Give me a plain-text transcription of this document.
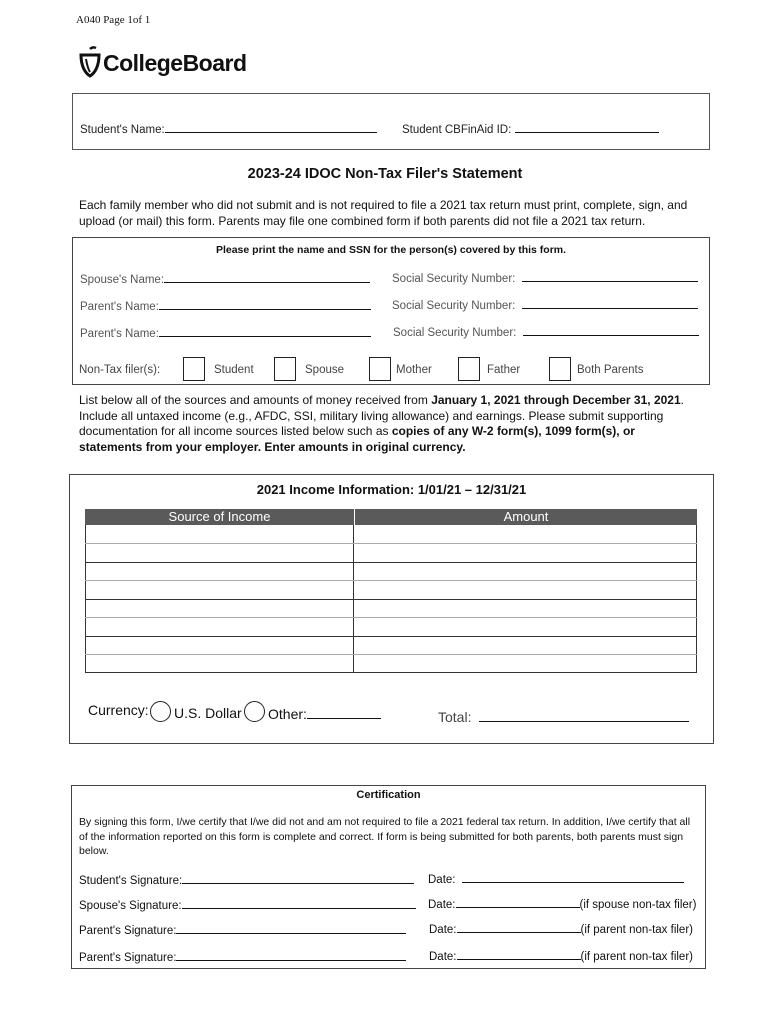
A040 Page 1of 1
CollegeBoard
Student's Name:	Student CBFinAid ID:
2023-24 IDOC Non-Tax Filer's Statement
Each family member who did not submit and is not required to file a 2021 tax return must print, complete, sign, and upload (or mail) this form. Parents may file one combined form if both parents did not file a 2021 tax return.
Please print the name and SSN for the person(s) covered by this form.
Spouse's Name:	Social Security Number:
Parent's Name:	Social Security Number:
Parent's Name:	Social Security Number:
Non-Tax filer(s):	Student	Spouse	Mother	Father	Both Parents
List below all of the sources and amounts of money received from January 1, 2021 through December 31, 2021. Include all untaxed income (e.g., AFDC, SSI, military living allowance) and earnings. Please submit supporting documentation for all income sources listed below such as copies of any W-2 form(s), 1099 form(s), or statements from your employer. Enter amounts in original currency.
2021 Income Information: 1/01/21 – 12/31/21
Source of Income	Amount
Currency: U.S. Dollar Other:	Total:
Certification
By signing this form, I/we certify that I/we did not and am not required to file a 2021 federal tax return. In addition, I/we certify that all of the information reported on this form is complete and correct. If form is being submitted for both parents, both parents must sign below.
Student's Signature:	Date:
Spouse's Signature:	Date:	(if spouse non-tax filer)
Parent's Signature:	Date:	(if parent non-tax filer)
Parent's Signature:	Date:	(if parent non-tax filer)
